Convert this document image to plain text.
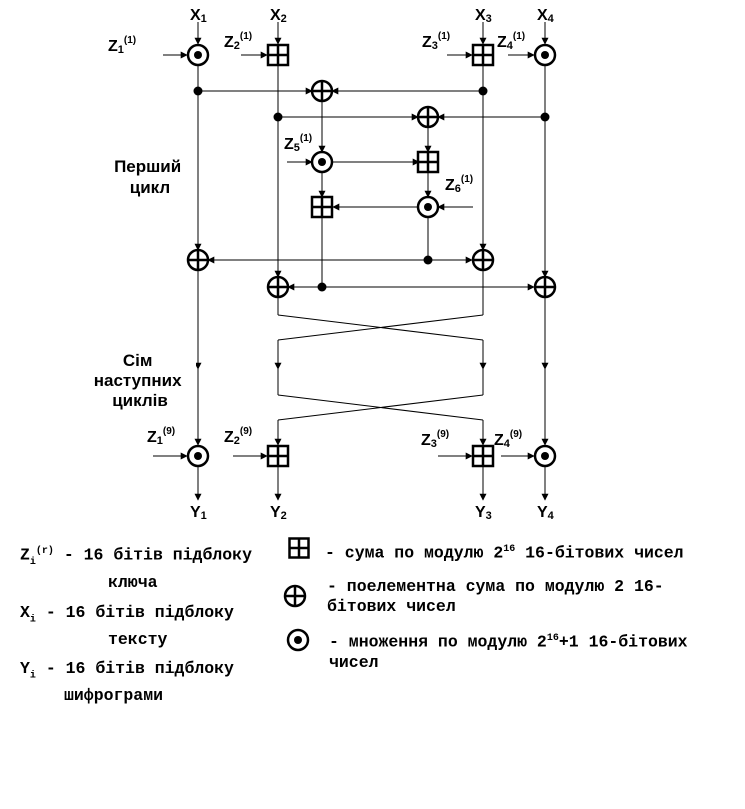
X1	X2	X3	X4
Z1$^{(1)}$	Z2$^{(1)}$	Z3$^{(1)}$	Z4$^{(1)}$
Z5$^{(1)}$
Z6$^{(1)}$
Z1$^{(9)}$	Z2$^{(9)}$
Z3$^{(9)}$	Z4$^{(9)}$
Y1	Y2	Y3	Y4
Перший цикл
Сім наступних циклів

$Z_i^{(r)} - 16$ бітів підблоку
ключа

$X_i - 16$ бітів підблоку
тексту

$Y_i - 16$ бітів підблоку
шифрограми

- сума по модулю $2^{16}$ 16-бітових чисел

- поелементна сума по модулю 2 16-
бітових чисел

- множення по модулю $2^{16}+1$ 16-бітових
чисел
